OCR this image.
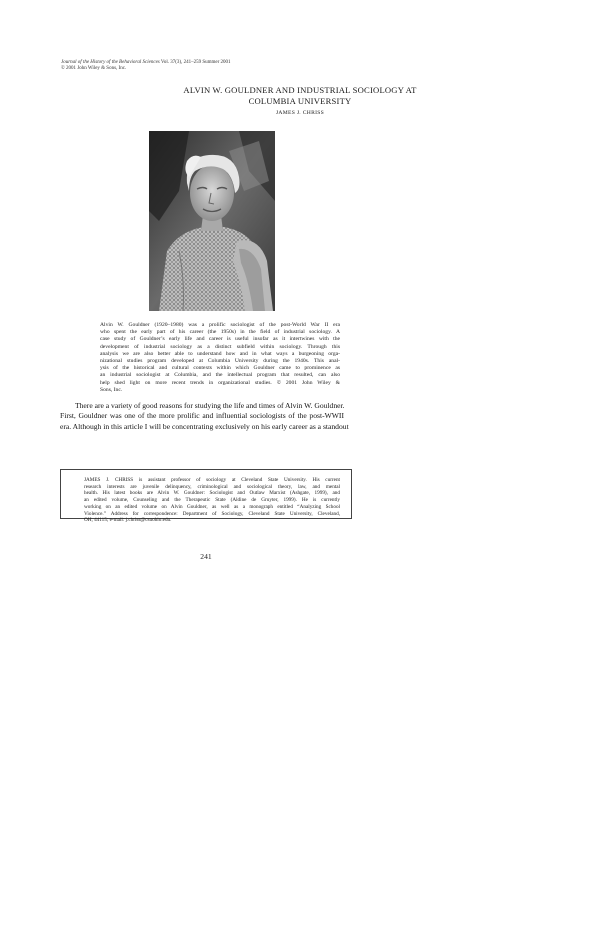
Journal of the History of the Behavioral Sciences Vol. 37(3), 241–259 Summer 2001
© 2001 John Wiley & Sons, Inc.
ALVIN W. GOULDNER AND INDUSTRIAL SOCIOLOGY AT
COLUMBIA UNIVERSITY
JAMES J. CHRISS
Alvin W. Gouldner (1920–1980) was a prolific sociologist of the post-World War II era
who spent the early part of his career (the 1950s) in the field of industrial sociology. A
case study of Gouldner’s early life and career is useful insofar as it intertwines with the
development of industrial sociology as a distinct subfield within sociology. Through this
analysis we are also better able to understand how and in what ways a burgeoning orga-
nizational studies program developed at Columbia University during the 1940s. This anal-
ysis of the historical and cultural contexts within which Gouldner came to prominence as
an industrial sociologist at Columbia, and the intellectual program that resulted, can also
help shed light on more recent trends in organizational studies. © 2001 John Wiley &
Sons, Inc.
There are a variety of good reasons for studying the life and times of Alvin W. Gouldner.
First, Gouldner was one of the more prolific and influential sociologists of the post-WWII
era. Although in this article I will be concentrating exclusively on his early career as a standout
JAMES J. CHRISS is assistant professor of sociology at Cleveland State University. His current
research interests are juvenile delinquency, criminological and sociological theory, law, and mental
health. His latest books are Alvin W. Gouldner: Sociologist and Outlaw Marxist (Ashgate, 1999), and
an edited volume, Counseling and the Therapeutic State (Aldine de Gruyter, 1999). He is currently
working on an edited volume on Alvin Gouldner, as well as a monograph entitled “Analyzing School
Violence.” Address for correspondence: Department of Sociology, Cleveland State University, Cleveland,
OH, 44115; e-mail: j.chriss@csuohio.edu.
241
